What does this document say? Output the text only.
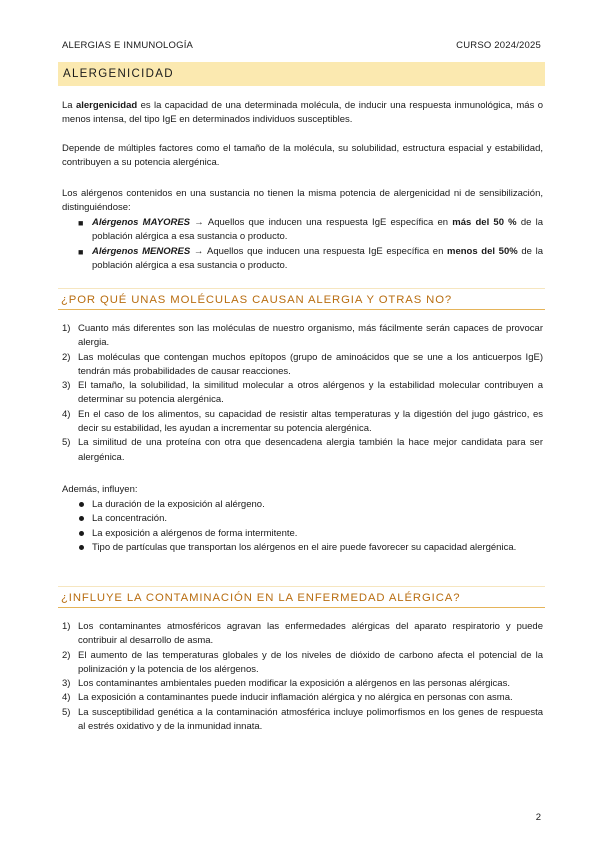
ALERGIAS E INMUNOLOGÍA	CURSO 2024/2025
ALERGENICIDAD

La alergenicidad es la capacidad de una determinada molécula, de inducir una respuesta inmunológica, más o menos intensa, del tipo IgE en determinados individuos susceptibles.

Depende de múltiples factores como el tamaño de la molécula, su solubilidad, estructura espacial y estabilidad, contribuyen a su potencia alergénica.

Los alérgenos contenidos en una sustancia no tienen la misma potencia de alergenicidad ni de sensibilización, distinguiéndose:

■ Alérgenos MAYORES → Aquellos que inducen una respuesta IgE específica en más del 50 % de la población alérgica a esa sustancia o producto.
■ Alérgenos MENORES → Aquellos que inducen una respuesta IgE específica en menos del 50% de la población alérgica a esa sustancia o producto.
¿POR QUÉ UNAS MOLÉCULAS CAUSAN ALERGIA Y OTRAS NO?
1) Cuanto más diferentes son las moléculas de nuestro organismo, más fácilmente serán capaces de provocar alergia.
2) Las moléculas que contengan muchos epítopos (grupo de aminoácidos que se une a los anticuerpos IgE) tendrán más probabilidades de causar reacciones.
3) El tamaño, la solubilidad, la similitud molecular a otros alérgenos y la estabilidad molecular contribuyen a determinar su potencia alergénica.
4) En el caso de los alimentos, su capacidad de resistir altas temperaturas y la digestión del jugo gástrico, es decir su estabilidad, les ayudan a incrementar su potencia alergénica.
5) La similitud de una proteína con otra que desencadena alergia también la hace mejor candidata para ser alergénica.

Además, influyen:

La duración de la exposición al alérgeno.
La concentración.
La exposición a alérgenos de forma intermitente.
Tipo de partículas que transportan los alérgenos en el aire puede favorecer su capacidad alergénica.
¿INFLUYE LA CONTAMINACIÓN EN LA ENFERMEDAD ALÉRGICA?
1) Los contaminantes atmosféricos agravan las enfermedades alérgicas del aparato respiratorio y puede contribuir al desarrollo de asma.
2) El aumento de las temperaturas globales y de los niveles de dióxido de carbono afecta el potencial de la polinización y la potencia de los alérgenos.
3) Los contaminantes ambientales pueden modificar la exposición a alérgenos en las personas alérgicas.
4) La exposición a contaminantes puede inducir inflamación alérgica y no alérgica en personas con asma.
5) La susceptibilidad genética a la contaminación atmosférica incluye polimorfismos en los genes de respuesta al estrés oxidativo y de la inmunidad innata.
2
